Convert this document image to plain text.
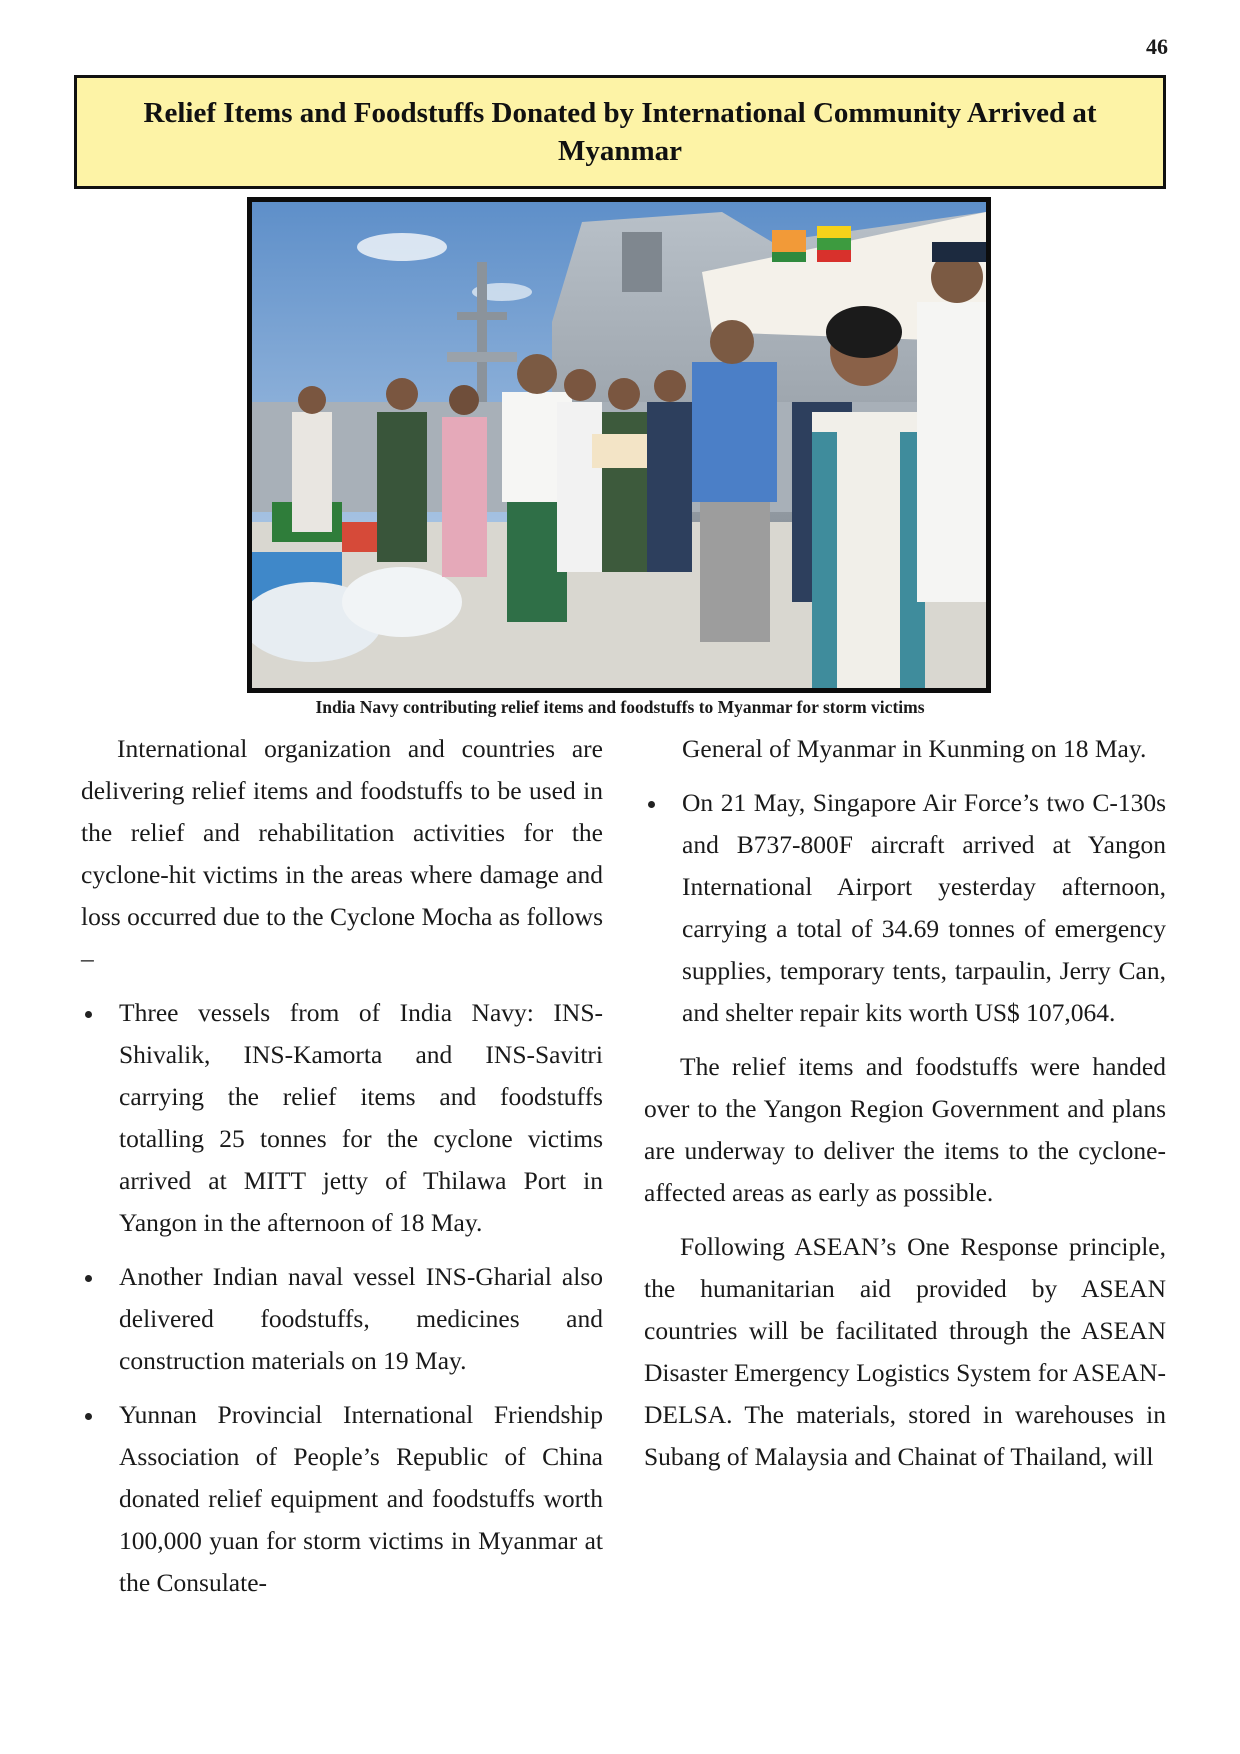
46
Relief Items and Foodstuffs Donated by International Community Arrived at Myanmar
India Navy contributing relief items and foodstuffs to Myanmar for storm victims

International organization and countries are delivering relief items and foodstuffs to be used in the relief and rehabilitation activities for the cyclone-hit victims in the areas where damage and loss occurred due to the Cyclone Mocha as follows –

Three vessels from of India Navy: INS-Shivalik, INS-Kamorta and INS-Savitri carrying the relief items and foodstuffs totalling 25 tonnes for the cyclone victims arrived at MITT jetty of Thilawa Port in Yangon in the afternoon of 18 May.
Another Indian naval vessel INS-Gharial also delivered foodstuffs, medicines and construction materials on 19 May.
Yunnan Provincial International Friendship Association of People’s Republic of China donated relief equipment and foodstuffs worth 100,000 yuan for storm victims in Myanmar at the Consulate-

General of Myanmar in Kunming on 18 May.

On 21 May, Singapore Air Force’s two C-130s and B737-800F aircraft arrived at Yangon International Airport yesterday afternoon, carrying a total of 34.69 tonnes of emergency supplies, temporary tents, tarpaulin, Jerry Can, and shelter repair kits worth US$ 107,064.

The relief items and foodstuffs were handed over to the Yangon Region Government and plans are underway to deliver the items to the cyclone-affected areas as early as possible.

Following ASEAN’s One Response principle, the humanitarian aid provided by ASEAN countries will be facilitated through the ASEAN Disaster Emergency Logistics System for ASEAN-DELSA. The materials, stored in warehouses in Subang of Malaysia and Chainat of Thailand, will
